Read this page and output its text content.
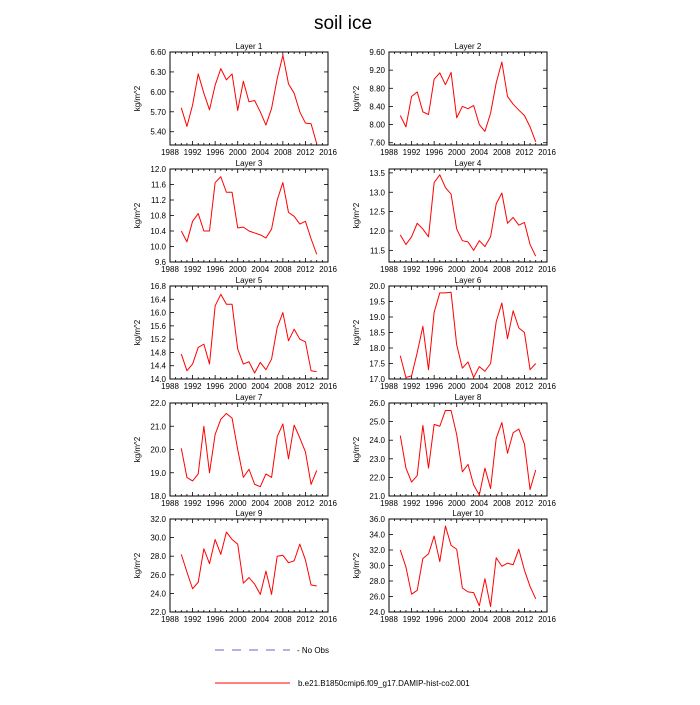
soil ice
Layer 1
1988 1992 1996 2000 2004 2008 2012 2016
5.40
5.70
6.00
6.30
6.60
kg/m^2
Layer 2
1988 1992 1996 2000 2004 2008 2012 2016
7.60
8.00
8.40
8.80
9.20
9.60
kg/m^2
Layer 3
1988 1992 1996 2000 2004 2008 2012 2016
9.6
10.0
10.4
10.8
11.2
11.6
12.0
kg/m^2
Layer 4
1988 1992 1996 2000 2004 2008 2012 2016
11.5
12.0
12.5
13.0
13.5
kg/m^2
Layer 5
1988 1992 1996 2000 2004 2008 2012 2016
14.0
14.4
14.8
15.2
15.6
16.0
16.4
16.8
kg/m^2
Layer 6
1988 1992 1996 2000 2004 2008 2012 2016
17.0
17.5
18.0
18.5
19.0
19.5
20.0
kg/m^2
Layer 7
1988 1992 1996 2000 2004 2008 2012 2016
18.0
19.0
20.0
21.0
22.0
kg/m^2
Layer 8
1988 1992 1996 2000 2004 2008 2012 2016
21.0
22.0
23.0
24.0
25.0
26.0
kg/m^2
Layer 9
1988 1992 1996 2000 2004 2008 2012 2016
22.0
24.0
26.0
28.0
30.0
32.0
kg/m^2
Layer 10
1988 1992 1996 2000 2004 2008 2012 2016
24.0
26.0
28.0
30.0
32.0
34.0
36.0
kg/m^2
- No Obs
b.e21.B1850cmip6.f09_g17.DAMIP-hist-co2.001
